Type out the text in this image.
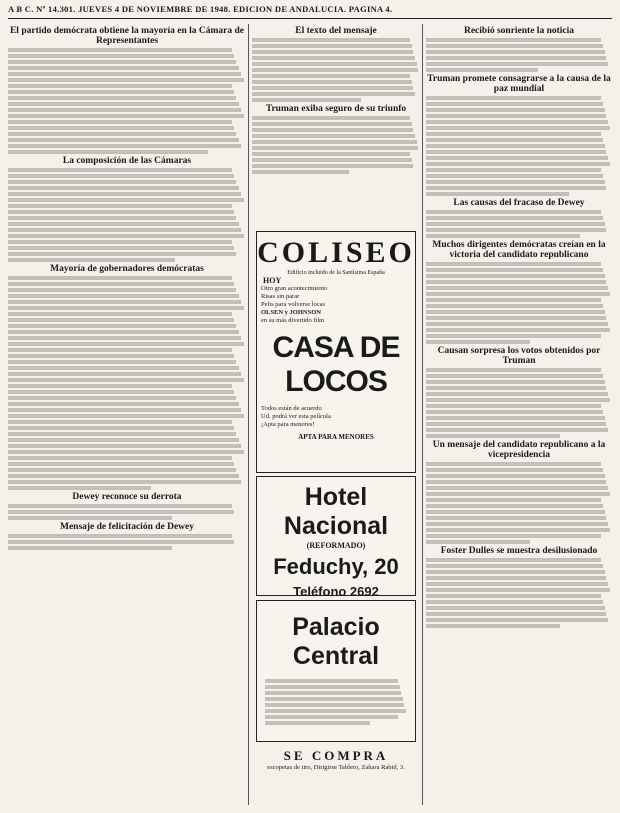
A B C. Nº 14.301. JUEVES 4 DE NOVIEMBRE DE 1948. EDICION DE ANDALUCIA. PAGINA 4.
El partido demócrata obtiene la mayoría en la Cámara de Representantes
La composición de las Cámaras
Mayoría de gobernadores demócratas
Dewey reconoce su derrota
Mensaje de felicitación de Dewey
El texto del mensaje
Truman exiba seguro de su triunfo
COLISEO
Edificio incluido de la Santísima España
HOY
Otro gran acontecimiento
Risas sin parar
Pelis para volverse locas
OLSEN y JOHNSON
en su más divertido film
CASA DE LOCOS
Todos están de acuerdo
Ud. podrá ver esta película
¡Apta para menores!
APTA PARA MENORES
Hotel Nacional
(REFORMADO)
Feduchy, 20
Teléfono 2692
Palacio Central
SE COMPRA
escopetas de tiro, Dirigirse Tablero, Zahara Rabid, 3.
Recibió sonriente la noticia
Truman promete consagrarse a la causa de la paz mundial
Las causas del fracaso de Dewey
Muchos dirigentes demócratas creían en la victoria del candidato republicano
Causan sorpresa los votos obtenidos por Truman
Un mensaje del candidato republicano a la vicepresidencia
Foster Dulles se muestra desilusionado
